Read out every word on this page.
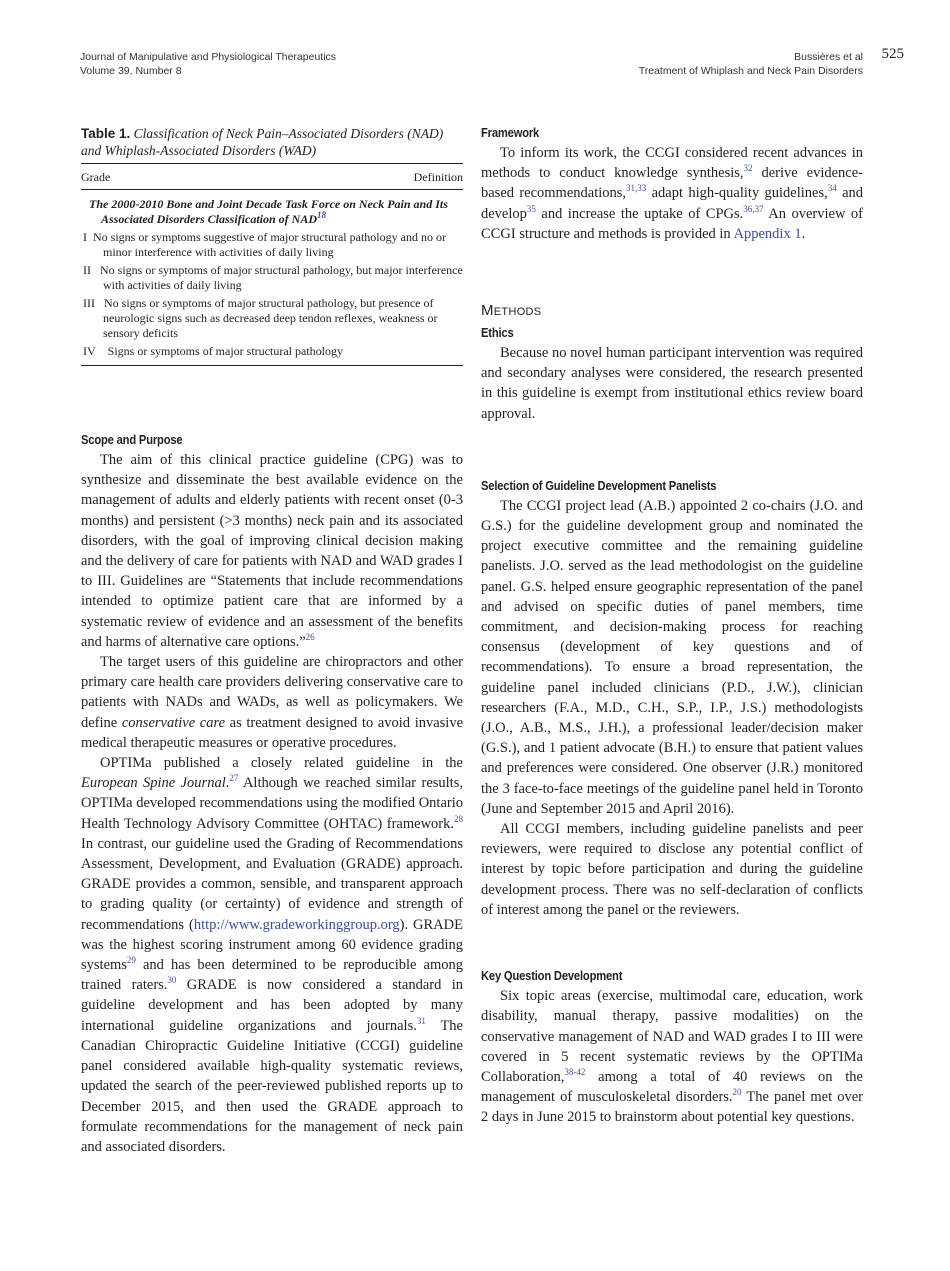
Journal of Manipulative and Physiological Therapeutics
Volume 39, Number 8
Bussières et al
Treatment of Whiplash and Neck Pain Disorders
525
Table 1. Classification of Neck Pain–Associated Disorders (NAD) and Whiplash-Associated Disorders (WAD)
Grade	Definition
The 2000-2010 Bone and Joint Decade Task Force on Neck Pain and Its Associated Disorders Classification of NAD$^{18}$
I No signs or symptoms suggestive of major structural pathology and no or minor interference with activities of daily living
II No signs or symptoms of major structural pathology, but major interference with activities of daily living
III No signs or symptoms of major structural pathology, but presence of neurologic signs such as decreased deep tendon reflexes, weakness or sensory deficits
IV Signs or symptoms of major structural pathology
Scope and Purpose

The aim of this clinical practice guideline (CPG) was to synthesize and disseminate the best available evidence on the management of adults and elderly patients with recent onset (0-3 months) and persistent (>3 months) neck pain and its associated disorders, with the goal of improving clinical decision making and the delivery of care for patients with NAD and WAD grades I to III. Guidelines are “Statements that include recommendations intended to optimize patient care that are informed by a systematic review of evidence and an assessment of the benefits and harms of alternative care options.”$^{26}$

The target users of this guideline are chiropractors and other primary care health care providers delivering conservative care to patients with NADs and WADs, as well as policymakers. We define conservative care as treatment designed to avoid invasive medical therapeutic measures or operative procedures.

OPTIMa published a closely related guideline in the European Spine Journal.$^{27}$ Although we reached similar results, OPTIMa developed recommendations using the modified Ontario Health Technology Advisory Committee (OHTAC) framework.$^{28}$ In contrast, our guideline used the Grading of Recommendations Assessment, Development, and Evaluation (GRADE) approach. GRADE provides a common, sensible, and transparent approach to grading quality (or certainty) of evidence and strength of recommendations (http://www.gradeworkinggroup.org). GRADE was the highest scoring instrument among 60 evidence grading systems$^{29}$ and has been determined to be reproducible among trained raters.$^{30}$ GRADE is now considered a standard in guideline development and has been adopted by many international guideline organizations and journals.$^{31}$ The Canadian Chiropractic Guideline Initiative (CCGI) guideline panel considered available high-quality systematic reviews, updated the search of the peer-reviewed published reports up to December 2015, and then used the GRADE approach to formulate recommendations for the management of neck pain and associated disorders.

Framework

To inform its work, the CCGI considered recent advances in methods to conduct knowledge synthesis,$^{32}$ derive evidence-based recommendations,$^{31,33}$ adapt high-quality guidelines,$^{34}$ and develop$^{35}$ and increase the uptake of CPGs.$^{36,37}$ An overview of CCGI structure and methods is provided in Appendix 1.

Methods
Ethics

Because no novel human participant intervention was required and secondary analyses were considered, the research presented in this guideline is exempt from institutional ethics review board approval.

Selection of Guideline Development Panelists

The CCGI project lead (A.B.) appointed 2 co-chairs (J.O. and G.S.) for the guideline development group and nominated the project executive committee and the remaining guideline panelists. J.O. served as the lead methodologist on the guideline panel. G.S. helped ensure geographic representation of the panel and advised on specific duties of panel members, time commitment, and decision-making process for reaching consensus (development of key questions and of recommendations). To ensure a broad representation, the guideline panel included clinicians (P.D., J.W.), clinician researchers (F.A., M.D., C.H., S.P., I.P., J.S.) methodologists (J.O., A.B., M.S., J.H.), a professional leader/decision maker (G.S.), and 1 patient advocate (B.H.) to ensure that patient values and preferences were considered. One observer (J.R.) monitored the 3 face-to-face meetings of the guideline panel held in Toronto (June and September 2015 and April 2016).

All CCGI members, including guideline panelists and peer reviewers, were required to disclose any potential conflict of interest by topic before participation and during the guideline development process. There was no self-declaration of conflicts of interest among the panel or the reviewers.

Key Question Development

Six topic areas (exercise, multimodal care, education, work disability, manual therapy, passive modalities) on the conservative management of NAD and WAD grades I to III were covered in 5 recent systematic reviews by the OPTIMa Collaboration,$^{38-42}$ among a total of 40 reviews on the management of musculoskeletal disorders.$^{20}$ The panel met over 2 days in June 2015 to brainstorm about potential key questions.
